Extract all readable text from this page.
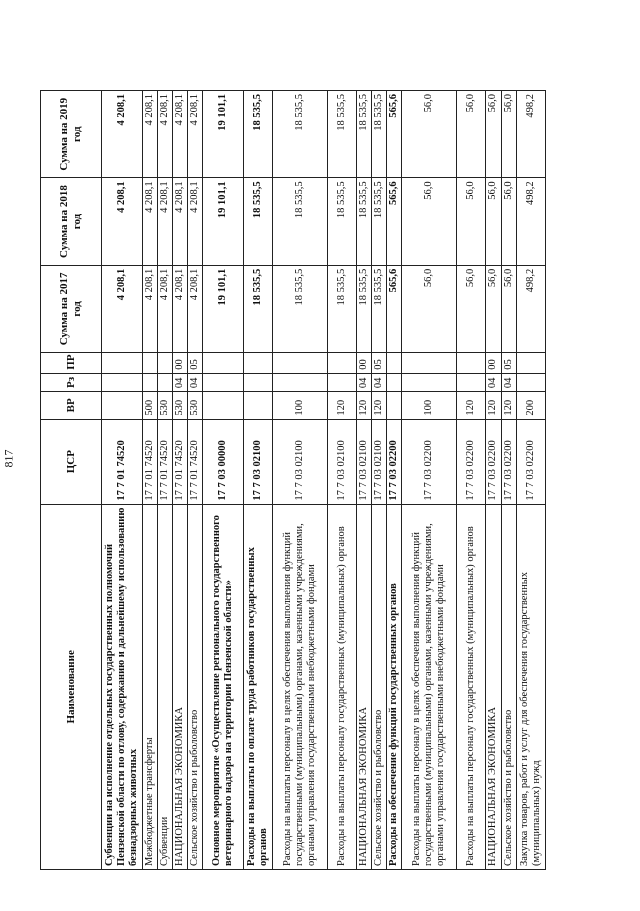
817
Наименование	ЦСР	ВР	Рз	ПР	Сумма на 2017 год	Сумма на 2018 год	Сумма на 2019 год
Субвенции на исполнение отдельных государственных полномочий Пензенской области по отлову, содержанию и дальнейшему использованию безнадзорных животных	17 7 01 74520				4 208,1	4 208,1	4 208,1
Межбюджетные трансферты	17 7 01 74520	500			4 208,1	4 208,1	4 208,1
Субвенции	17 7 01 74520	530			4 208,1	4 208,1	4 208,1
НАЦИОНАЛЬНАЯ ЭКОНОМИКА	17 7 01 74520	530	04	00	4 208,1	4 208,1	4 208,1
Сельское хозяйство и рыболовство	17 7 01 74520	530	04	05	4 208,1	4 208,1	4 208,1
Основное мероприятие «Осуществление регионального государственного ветеринарного надзора на территории Пензенской области»	17 7 03 00000				19 101,1	19 101,1	19 101,1
Расходы на выплаты по оплате труда работников государственных органов	17 7 03 02100				18 535,5	18 535,5	18 535,5
Расходы на выплаты персоналу в целях обеспечения выполнения функций государственными (муниципальными) органами, казенными учреждениями, органами управления государственными внебюджетными фондами	17 7 03 02100	100			18 535,5	18 535,5	18 535,5
Расходы на выплаты персоналу государственных (муниципальных) органов	17 7 03 02100	120			18 535,5	18 535,5	18 535,5
НАЦИОНАЛЬНАЯ ЭКОНОМИКА	17 7 03 02100	120	04	00	18 535,5	18 535,5	18 535,5
Сельское хозяйство и рыболовство	17 7 03 02100	120	04	05	18 535,5	18 535,5	18 535,5
Расходы на обеспечение функций государственных органов	17 7 03 02200				565,6	565,6	565,6
Расходы на выплаты персоналу в целях обеспечения выполнения функций государственными (муниципальными) органами, казенными учреждениями, органами управления государственными внебюджетными фондами	17 7 03 02200	100			56,0	56,0	56,0
Расходы на выплаты персоналу государственных (муниципальных) органов	17 7 03 02200	120			56,0	56,0	56,0
НАЦИОНАЛЬНАЯ ЭКОНОМИКА	17 7 03 02200	120	04	00	56,0	56,0	56,0
Сельское хозяйство и рыболовство	17 7 03 02200	120	04	05	56,0	56,0	56,0
Закупка товаров, работ и услуг для обеспечения государственных (муниципальных) нужд	17 7 03 02200	200			498,2	498,2	498,2
